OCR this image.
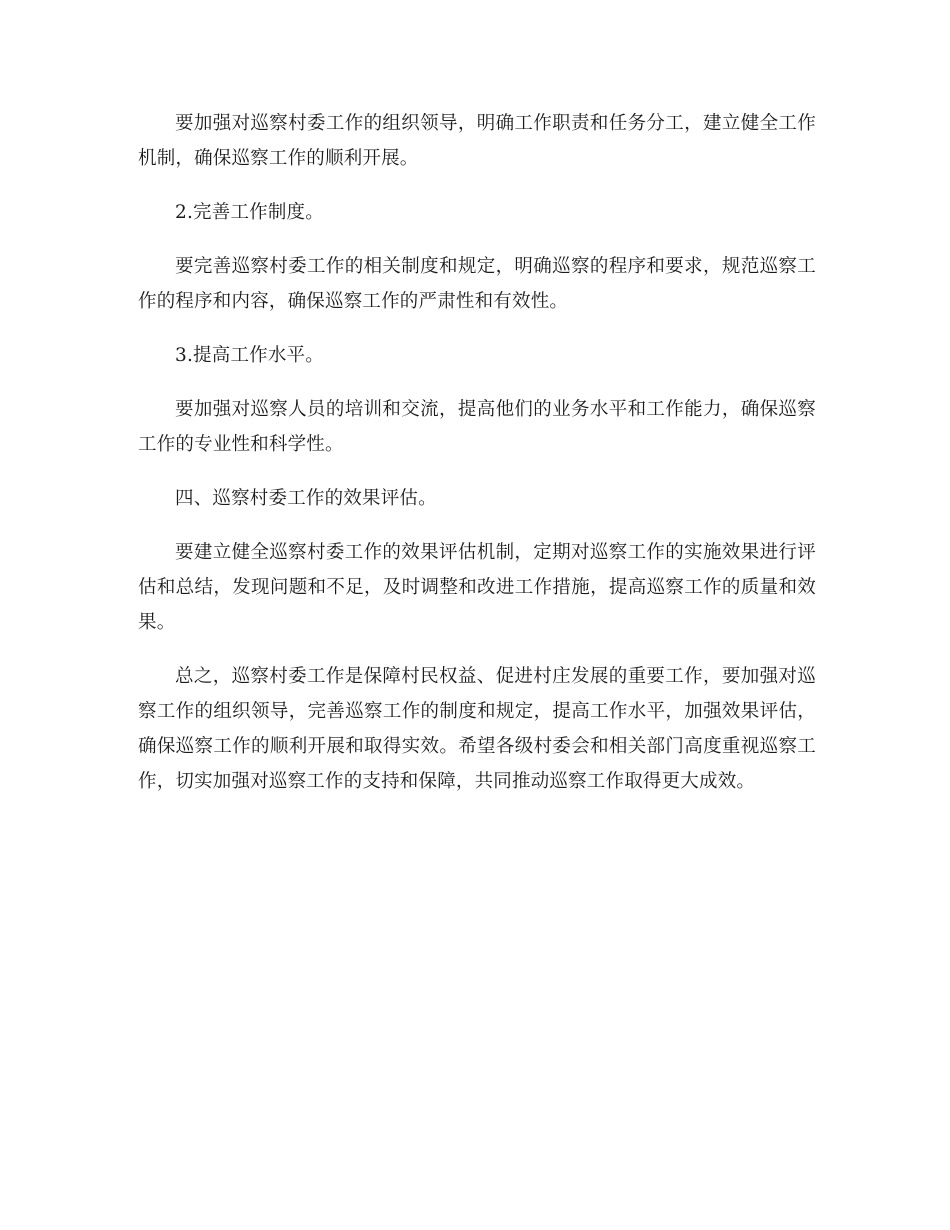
要加强对巡察村委工作的组织领导，明确工作职责和任务分工，建立健全工作机制，确保巡察工作的顺利开展。

2.完善工作制度。

要完善巡察村委工作的相关制度和规定，明确巡察的程序和要求，规范巡察工作的程序和内容，确保巡察工作的严肃性和有效性。

3.提高工作水平。

要加强对巡察人员的培训和交流，提高他们的业务水平和工作能力，确保巡察工作的专业性和科学性。

四、巡察村委工作的效果评估。

要建立健全巡察村委工作的效果评估机制，定期对巡察工作的实施效果进行评估和总结，发现问题和不足，及时调整和改进工作措施，提高巡察工作的质量和效果。

总之，巡察村委工作是保障村民权益、促进村庄发展的重要工作，要加强对巡察工作的组织领导，完善巡察工作的制度和规定，提高工作水平，加强效果评估，确保巡察工作的顺利开展和取得实效。希望各级村委会和相关部门高度重视巡察工作，切实加强对巡察工作的支持和保障，共同推动巡察工作取得更大成效。
